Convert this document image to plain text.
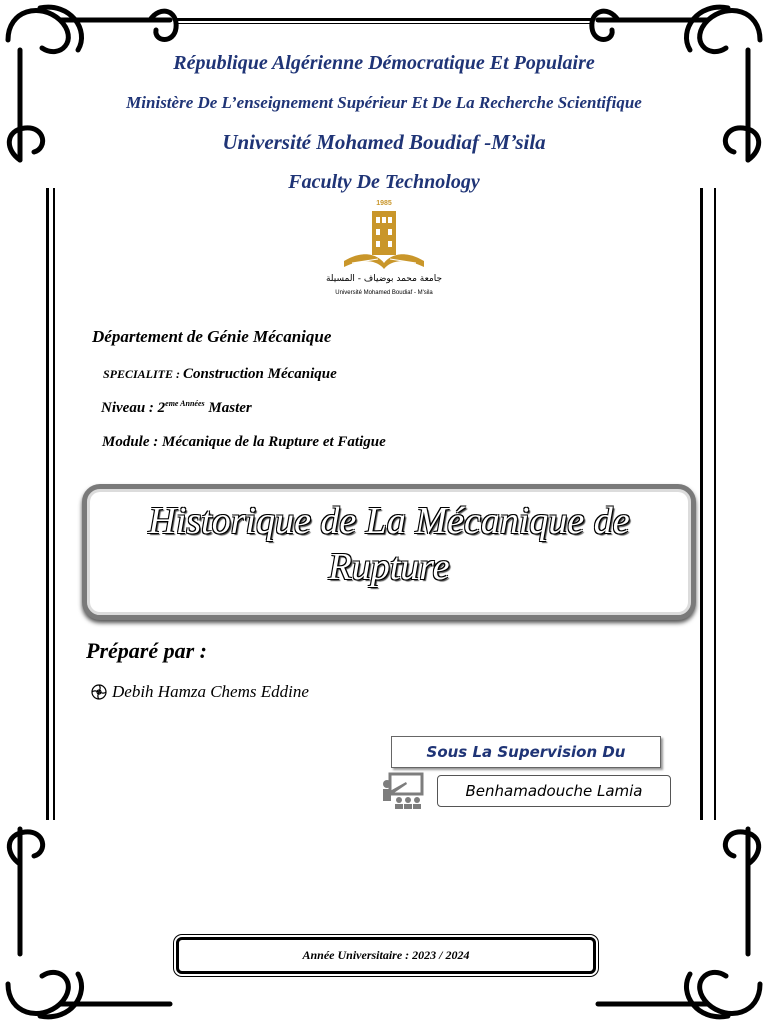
République Algérienne Démocratique Et Populaire
Ministère De L’enseignement Supérieur Et De La Recherche Scientifique
Université Mohamed Boudiaf -M’sila
Faculty De Technology
1985
جامعة محمد بوضياف - المسيلة
Université Mohamed Boudiaf - M'sila
Département de Génie Mécanique
SPECIALITE : Construction Mécanique
Niveau : $2^{eme Années}$ Master
Module : Mécanique de la Rupture et Fatigue
Historique de La Mécanique de
Rupture
Préparé par :
Debih Hamza Chems Eddine
Sous La Supervision Du
Benhamadouche Lamia
Année Universitaire : 2023 / 2024
